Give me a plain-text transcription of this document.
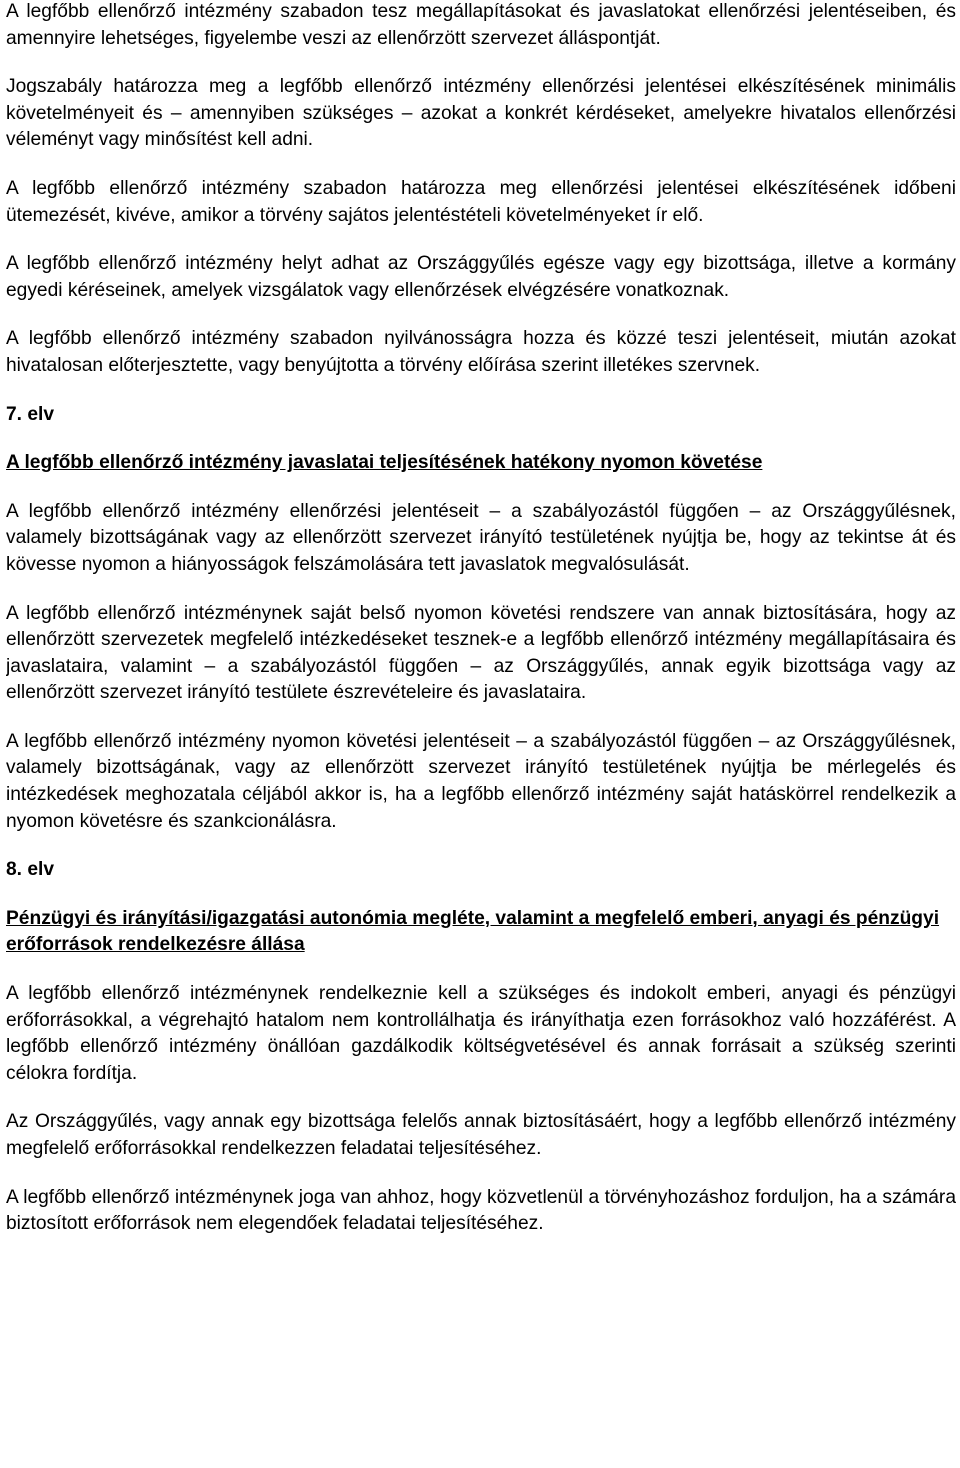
A legfőbb ellenőrző intézmény szabadon tesz megállapításokat és javaslatokat ellenőrzési jelentéseiben, és amennyire lehetséges, figyelembe veszi az ellenőrzött szervezet álláspontját.

Jogszabály határozza meg a legfőbb ellenőrző intézmény ellenőrzési jelentései elkészítésének minimális követelményeit és – amennyiben szükséges – azokat a konkrét kérdéseket, amelyekre hivatalos ellenőrzési véleményt vagy minősítést kell adni.

A legfőbb ellenőrző intézmény szabadon határozza meg ellenőrzési jelentései elkészítésének időbeni ütemezését, kivéve, amikor a törvény sajátos jelentéstételi követelményeket ír elő.

A legfőbb ellenőrző intézmény helyt adhat az Országgyűlés egésze vagy egy bizottsága, illetve a kormány egyedi kéréseinek, amelyek vizsgálatok vagy ellenőrzések elvégzésére vonatkoznak.

A legfőbb ellenőrző intézmény szabadon nyilvánosságra hozza és közzé teszi jelentéseit, miután azokat hivatalosan előterjesztette, vagy benyújtotta a törvény előírása szerint illetékes szervnek.

7. elv

A legfőbb ellenőrző intézmény javaslatai teljesítésének hatékony nyomon követése

A legfőbb ellenőrző intézmény ellenőrzési jelentéseit – a szabályozástól függően – az Országgyűlésnek, valamely bizottságának vagy az ellenőrzött szervezet irányító testületének nyújtja be, hogy az tekintse át és kövesse nyomon a hiányosságok felszámolására tett javaslatok megvalósulását.

A legfőbb ellenőrző intézménynek saját belső nyomon követési rendszere van annak biztosítására, hogy az ellenőrzött szervezetek megfelelő intézkedéseket tesznek-e a legfőbb ellenőrző intézmény megállapításaira és javaslataira, valamint – a szabályozástól függően – az Országgyűlés, annak egyik bizottsága vagy az ellenőrzött szervezet irányító testülete észrevételeire és javaslataira.

A legfőbb ellenőrző intézmény nyomon követési jelentéseit – a szabályozástól függően – az Országgyűlésnek, valamely bizottságának, vagy az ellenőrzött szervezet irányító testületének nyújtja be mérlegelés és intézkedések meghozatala céljából akkor is, ha a legfőbb ellenőrző intézmény saját hatáskörrel rendelkezik a nyomon követésre és szankcionálásra.

8. elv

Pénzügyi és irányítási/igazgatási autonómia megléte, valamint a megfelelő emberi, anyagi és pénzügyi erőforrások rendelkezésre állása

A legfőbb ellenőrző intézménynek rendelkeznie kell a szükséges és indokolt emberi, anyagi és pénzügyi erőforrásokkal, a végrehajtó hatalom nem kontrollálhatja és irányíthatja ezen forrásokhoz való hozzáférést. A legfőbb ellenőrző intézmény önállóan gazdálkodik költségvetésével és annak forrásait a szükség szerinti célokra fordítja.

Az Országgyűlés, vagy annak egy bizottsága felelős annak biztosításáért, hogy a legfőbb ellenőrző intézmény megfelelő erőforrásokkal rendelkezzen feladatai teljesítéséhez.

A legfőbb ellenőrző intézménynek joga van ahhoz, hogy közvetlenül a törvényhozáshoz forduljon, ha a számára biztosított erőforrások nem elegendőek feladatai teljesítéséhez.
